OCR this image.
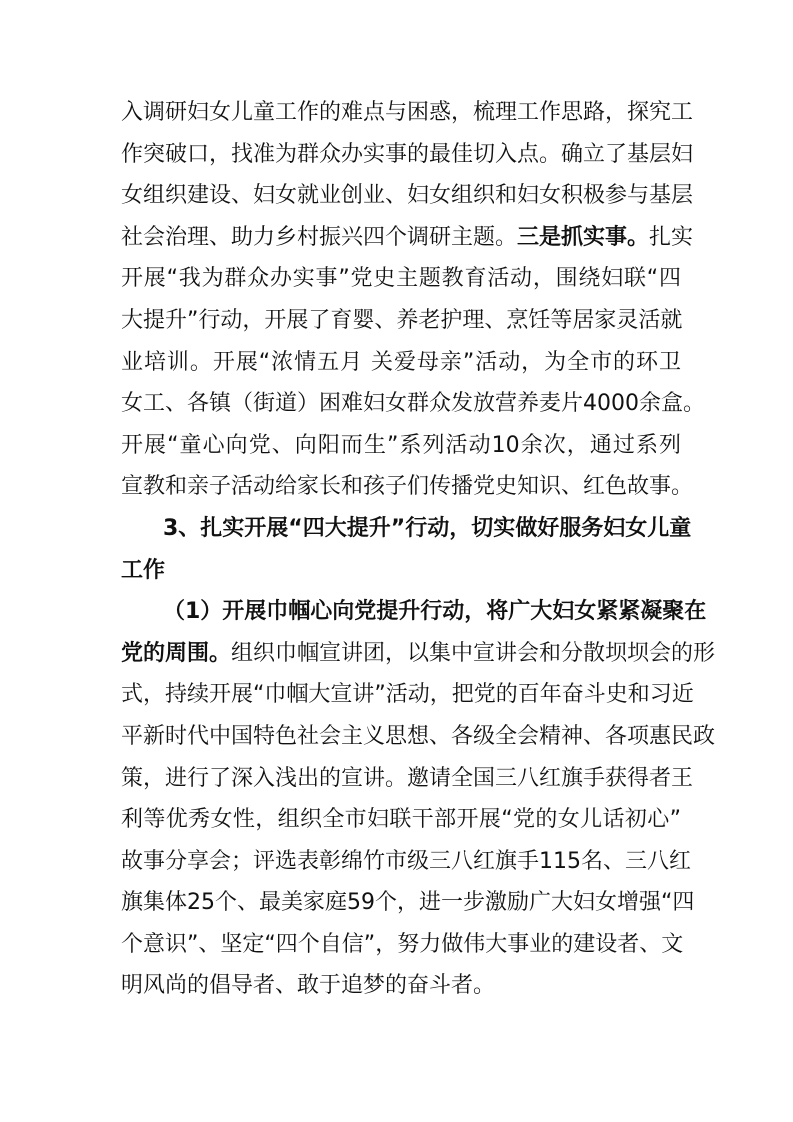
入调研妇女儿童工作的难点与困惑，梳理工作思路，探究工
作突破口，找准为群众办实事的最佳切入点。确立了基层妇
女组织建设、妇女就业创业、妇女组织和妇女积极参与基层
社会治理、助力乡村振兴四个调研主题。三是抓实事。扎实
开展“我为群众办实事”党史主题教育活动，围绕妇联“四
大提升”行动，开展了育婴、养老护理、烹饪等居家灵活就
业培训。开展“浓情五月 关爱母亲”活动，为全市的环卫
女工、各镇（街道）困难妇女群众发放营养麦片4000余盒。
开展“童心向党、向阳而生”系列活动10余次，通过系列
宣教和亲子活动给家长和孩子们传播党史知识、红色故事。
3、扎实开展“四大提升”行动，切实做好服务妇女儿童
工作
（1）开展巾帼心向党提升行动，将广大妇女紧紧凝聚在
党的周围。组织巾帼宣讲团，以集中宣讲会和分散坝坝会的形
式，持续开展“巾帼大宣讲”活动，把党的百年奋斗史和习近
平新时代中国特色社会主义思想、各级全会精神、各项惠民政
策，进行了深入浅出的宣讲。邀请全国三八红旗手获得者王
利等优秀女性，组织全市妇联干部开展“党的女儿话初心”
故事分享会；评选表彰绵竹市级三八红旗手115名、三八红
旗集体25个、最美家庭59个，进一步激励广大妇女增强“四
个意识”、坚定“四个自信”，努力做伟大事业的建设者、文
明风尚的倡导者、敢于追梦的奋斗者。
